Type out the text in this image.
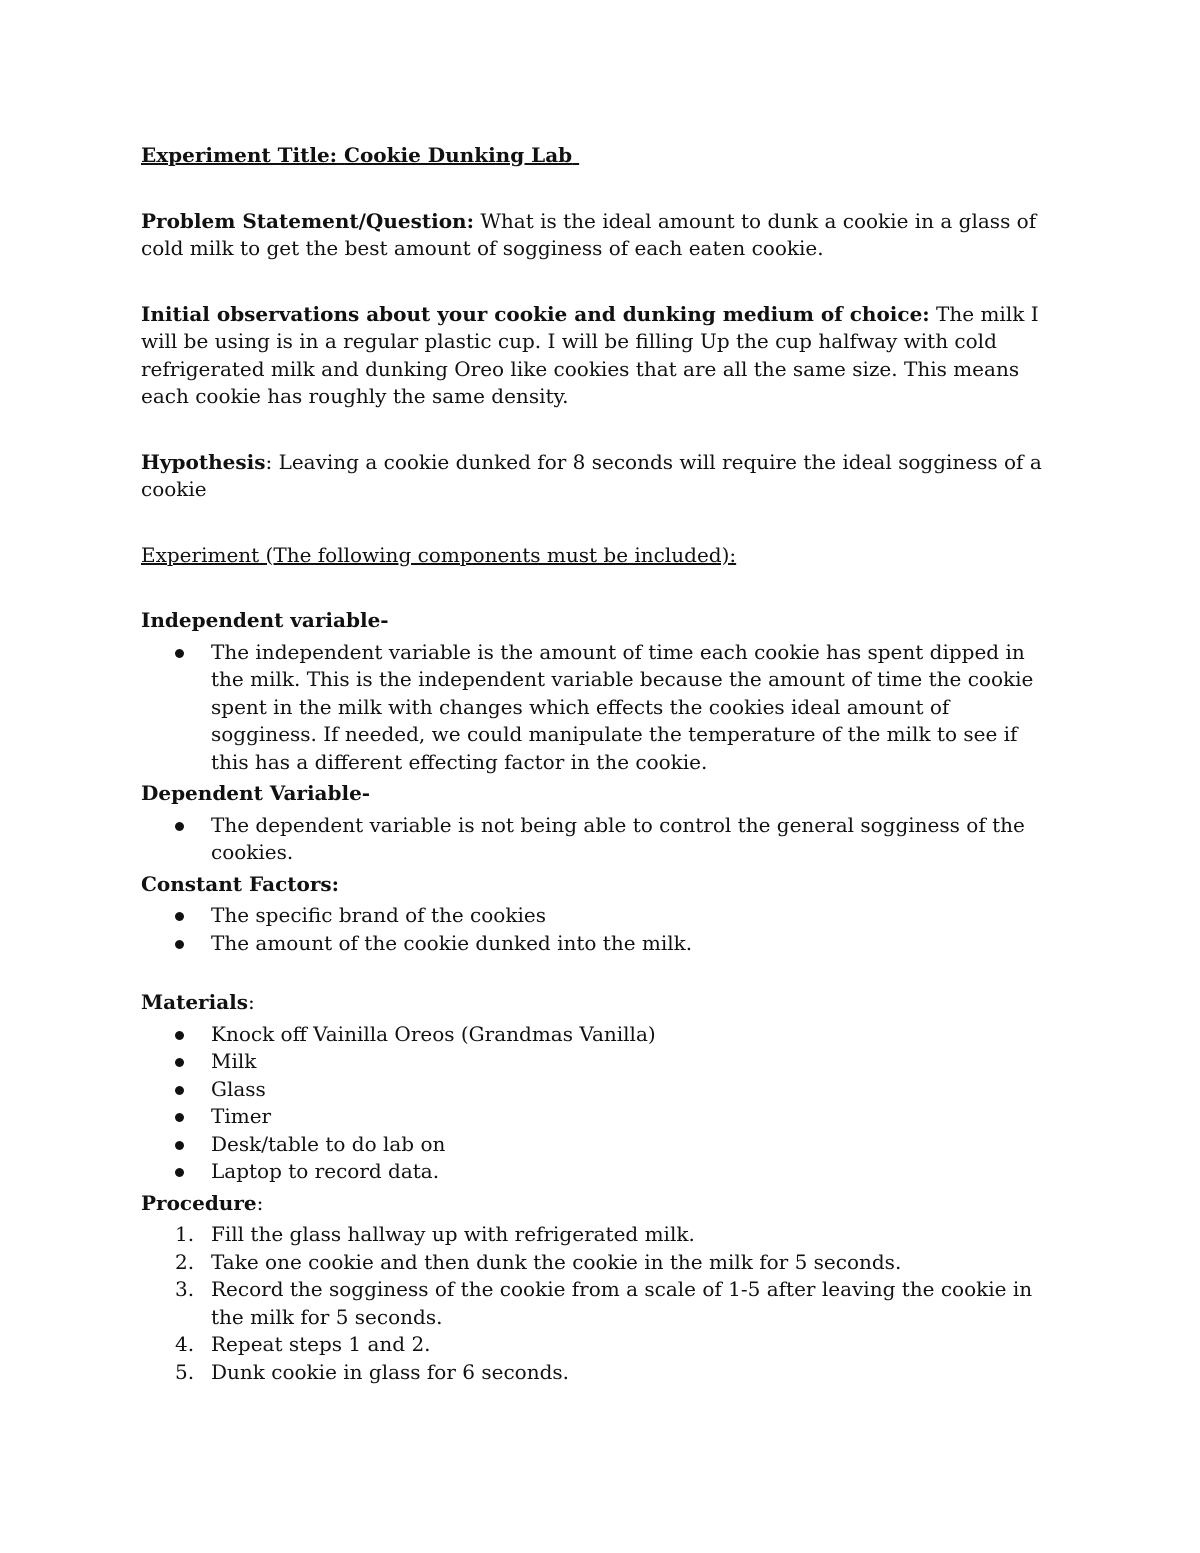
Experiment Title: Cookie Dunking Lab

Problem Statement/Question: What is the ideal amount to dunk a cookie in a glass of cold milk to get the best amount of sogginess of each eaten cookie.

Initial observations about your cookie and dunking medium of choice: The milk I will be using is in a regular plastic cup. I will be filling Up the cup halfway with cold refrigerated milk and dunking Oreo like cookies that are all the same size. This means each cookie has roughly the same density.

Hypothesis: Leaving a cookie dunked for 8 seconds will require the ideal sogginess of a cookie

Experiment (The following components must be included):

Independent variable-

The independent variable is the amount of time each cookie has spent dipped in the milk. This is the independent variable because the amount of time the cookie spent in the milk with changes which effects the cookies ideal amount of sogginess. If needed, we could manipulate the temperature of the milk to see if this has a different effecting factor in the cookie.

Dependent Variable-

The dependent variable is not being able to control the general sogginess of the cookies.

Constant Factors:

The specific brand of the cookies
The amount of the cookie dunked into the milk.

Materials:

Knock off Vainilla Oreos (Grandmas Vanilla)
Milk
Glass
Timer
Desk/table to do lab on
Laptop to record data.

Procedure:

1. Fill the glass hallway up with refrigerated milk.
2. Take one cookie and then dunk the cookie in the milk for 5 seconds.
3. Record the sogginess of the cookie from a scale of 1-5 after leaving the cookie in the milk for 5 seconds.
4. Repeat steps 1 and 2.
5. Dunk cookie in glass for 6 seconds.
